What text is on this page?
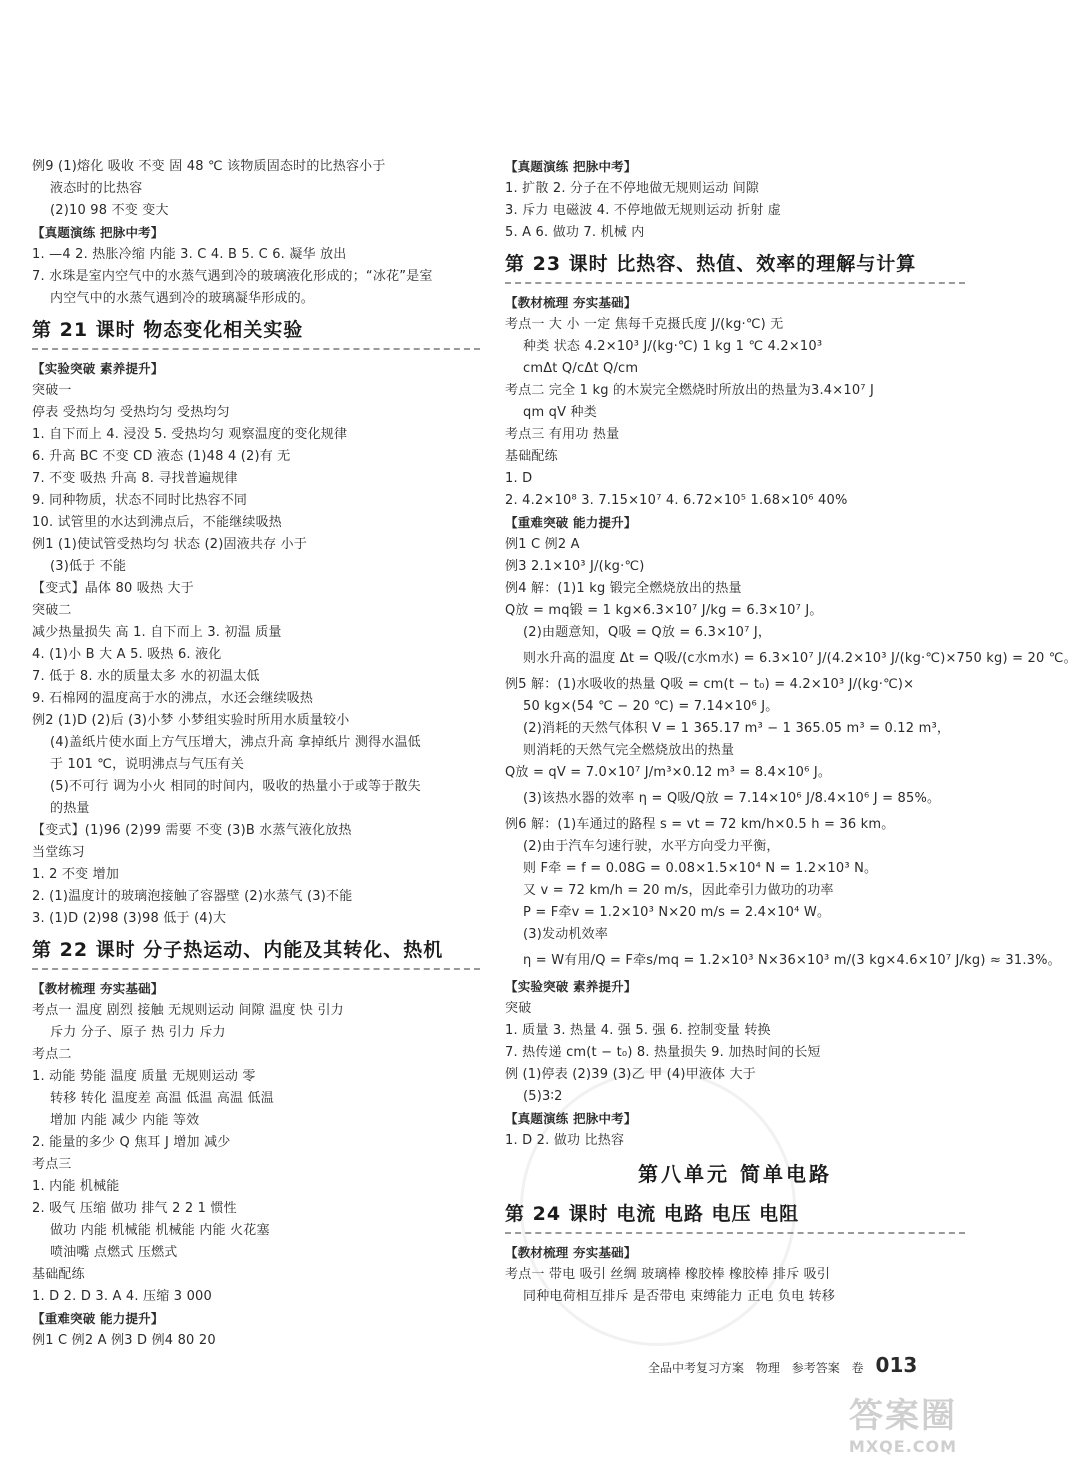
例9 (1)熔化 吸收 不变 固 48 ℃ 该物质固态时的比热容小于
液态时的比热容
(2)10 98 不变 变大
【真题演练 把脉中考】
1. —4 2. 热胀冷缩 内能 3. C 4. B 5. C 6. 凝华 放出
7. 水珠是室内空气中的水蒸气遇到冷的玻璃液化形成的；“冰花”是室
内空气中的水蒸气遇到冷的玻璃凝华形成的。
第 21 课时 物态变化相关实验
【实验突破 素养提升】
突破一
停表 受热均匀 受热均匀 受热均匀
1. 自下而上 4. 浸没 5. 受热均匀 观察温度的变化规律
6. 升高 BC 不变 CD 液态 (1)48 4 (2)有 无
7. 不变 吸热 升高 8. 寻找普遍规律
9. 同种物质，状态不同时比热容不同
10. 试管里的水达到沸点后，不能继续吸热
例1 (1)使试管受热均匀 状态 (2)固液共存 小于
(3)低于 不能
【变式】晶体 80 吸热 大于
突破二
减少热量损失 高 1. 自下而上 3. 初温 质量
4. (1)小 B 大 A 5. 吸热 6. 液化
7. 低于 8. 水的质量太多 水的初温太低
9. 石棉网的温度高于水的沸点，水还会继续吸热
例2 (1)D (2)后 (3)小梦 小梦组实验时所用水质量较小
(4)盖纸片使水面上方气压增大，沸点升高 拿掉纸片 测得水温低
于 101 ℃，说明沸点与气压有关
(5)不可行 调为小火 相同的时间内，吸收的热量小于或等于散失
的热量
【变式】(1)96 (2)99 需要 不变 (3)B 水蒸气液化放热
当堂练习
1. 2 不变 增加
2. (1)温度计的玻璃泡接触了容器壁 (2)水蒸气 (3)不能
3. (1)D (2)98 (3)98 低于 (4)大
第 22 课时 分子热运动、内能及其转化、热机
【教材梳理 夯实基础】
考点一 温度 剧烈 接触 无规则运动 间隙 温度 快 引力
斥力 分子、原子 热 引力 斥力
考点二
1. 动能 势能 温度 质量 无规则运动 零
转移 转化 温度差 高温 低温 高温 低温
增加 内能 减少 内能 等效
2. 能量的多少 Q 焦耳 J 增加 减少
考点三
1. 内能 机械能
2. 吸气 压缩 做功 排气 2 2 1 惯性
做功 内能 机械能 机械能 内能 火花塞
喷油嘴 点燃式 压燃式
基础配练
1. D 2. D 3. A 4. 压缩 3 000
【重难突破 能力提升】
例1 C 例2 A 例3 D 例4 80 20
【真题演练 把脉中考】
1. 扩散 2. 分子在不停地做无规则运动 间隙
3. 斥力 电磁波 4. 不停地做无规则运动 折射 虚
5. A 6. 做功 7. 机械 内
第 23 课时 比热容、热值、效率的理解与计算
【教材梳理 夯实基础】
考点一 大 小 一定 焦每千克摄氏度 J/(kg·℃) 无
种类 状态 4.2×10³ J/(kg·℃) 1 kg 1 ℃ 4.2×10³
cmΔt Q/cΔt Q/cm
考点二 完全 1 kg 的木炭完全燃烧时所放出的热量为3.4×10⁷ J
qm qV 种类
考点三 有用功 热量
基础配练
1. D
2. 4.2×10⁸ 3. 7.15×10⁷ 4. 6.72×10⁵ 1.68×10⁶ 40%
【重难突破 能力提升】
例1 C 例2 A
例3 2.1×10³ J/(kg·℃)
例4 解：(1)1 kg 锻完全燃烧放出的热量
Q放 = mq锻 = 1 kg×6.3×10⁷ J/kg = 6.3×10⁷ J。
(2)由题意知，Q吸 = Q放 = 6.3×10⁷ J，
则水升高的温度 Δt = Q吸/(c水m水) = 6.3×10⁷ J/(4.2×10³ J/(kg·℃)×750 kg) = 20 ℃。
例5 解：(1)水吸收的热量 Q吸 = cm(t − t₀) = 4.2×10³ J/(kg·℃)×
50 kg×(54 ℃ − 20 ℃) = 7.14×10⁶ J。
(2)消耗的天然气体积 V = 1 365.17 m³ − 1 365.05 m³ = 0.12 m³，
则消耗的天然气完全燃烧放出的热量
Q放 = qV = 7.0×10⁷ J/m³×0.12 m³ = 8.4×10⁶ J。
(3)该热水器的效率 η = Q吸/Q放 = 7.14×10⁶ J/8.4×10⁶ J = 85%。
例6 解：(1)车通过的路程 s = vt = 72 km/h×0.5 h = 36 km。
(2)由于汽车匀速行驶，水平方向受力平衡，
则 F牵 = f = 0.08G = 0.08×1.5×10⁴ N = 1.2×10³ N。
又 v = 72 km/h = 20 m/s，因此牵引力做功的功率
P = F牵v = 1.2×10³ N×20 m/s = 2.4×10⁴ W。
(3)发动机效率
η = W有用/Q = F牵s/mq = 1.2×10³ N×36×10³ m/(3 kg×4.6×10⁷ J/kg) ≈ 31.3%。
【实验突破 素养提升】
突破
1. 质量 3. 热量 4. 强 5. 强 6. 控制变量 转换
7. 热传递 cm(t − t₀) 8. 热量损失 9. 加热时间的长短
例 (1)停表 (2)39 (3)乙 甲 (4)甲液体 大于
(5)3∶2
【真题演练 把脉中考】
1. D 2. 做功 比热容
第八单元 简单电路
第 24 课时 电流 电路 电压 电阻
【教材梳理 夯实基础】
考点一 带电 吸引 丝绸 玻璃棒 橡胶棒 橡胶棒 排斥 吸引
同种电荷相互排斥 是否带电 束缚能力 正电 负电 转移
全品中考复习方案 物理 参考答案 卷 013
答案圈
MXQE.COM
